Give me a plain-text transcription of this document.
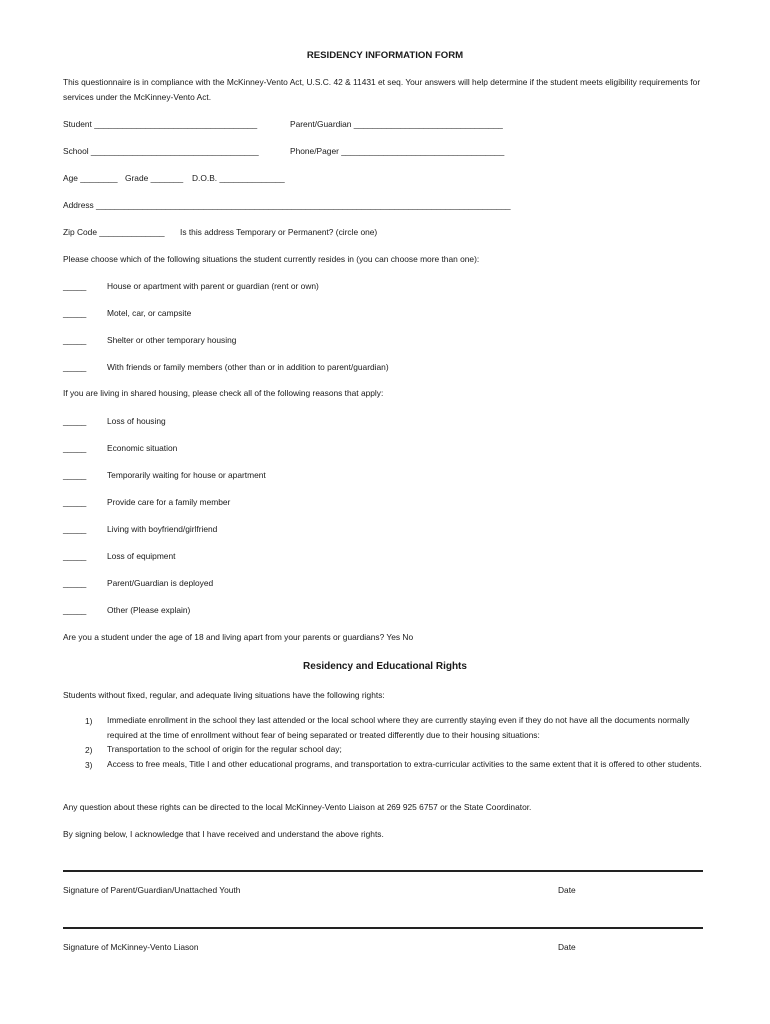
RESIDENCY INFORMATION FORM
This questionnaire is in compliance with the McKinney-Vento Act, U.S.C. 42 & 11431 et seq. Your answers will help determine if the student meets eligibility requirements for services under the McKinney-Vento Act.
Student ___________________________________	Parent/Guardian ________________________________
School ____________________________________	Phone/Pager ___________________________________
Age ________ Grade _______ D.O.B. ______________
Address _________________________________________________________________________________________
Zip Code ______________ Is this address Temporary or Permanent? (circle one)
Please choose which of the following situations the student currently resides in (you can choose more than one):
_____ House or apartment with parent or guardian (rent or own)
_____ Motel, car, or campsite
_____ Shelter or other temporary housing
_____ With friends or family members (other than or in addition to parent/guardian)
If you are living in shared housing, please check all of the following reasons that apply:
_____ Loss of housing
_____ Economic situation
_____ Temporarily waiting for house or apartment
_____ Provide care for a family member
_____ Living with boyfriend/girlfriend
_____ Loss of equipment
_____ Parent/Guardian is deployed
_____ Other (Please explain)
Are you a student under the age of 18 and living apart from your parents or guardians? Yes No
Residency and Educational Rights
Students without fixed, regular, and adequate living situations have the following rights:
1) Immediate enrollment in the school they last attended or the local school where they are currently staying even if they do not have all the documents normally required at the time of enrollment without fear of being separated or treated differently due to their housing situations:
2) Transportation to the school of origin for the regular school day;
3) Access to free meals, Title I and other educational programs, and transportation to extra-curricular activities to the same extent that it is offered to other students.
Any question about these rights can be directed to the local McKinney-Vento Liaison at 269 925 6757 or the State Coordinator.
By signing below, I acknowledge that I have received and understand the above rights.
Signature of Parent/Guardian/Unattached Youth	Date
Signature of McKinney-Vento Liason	Date
